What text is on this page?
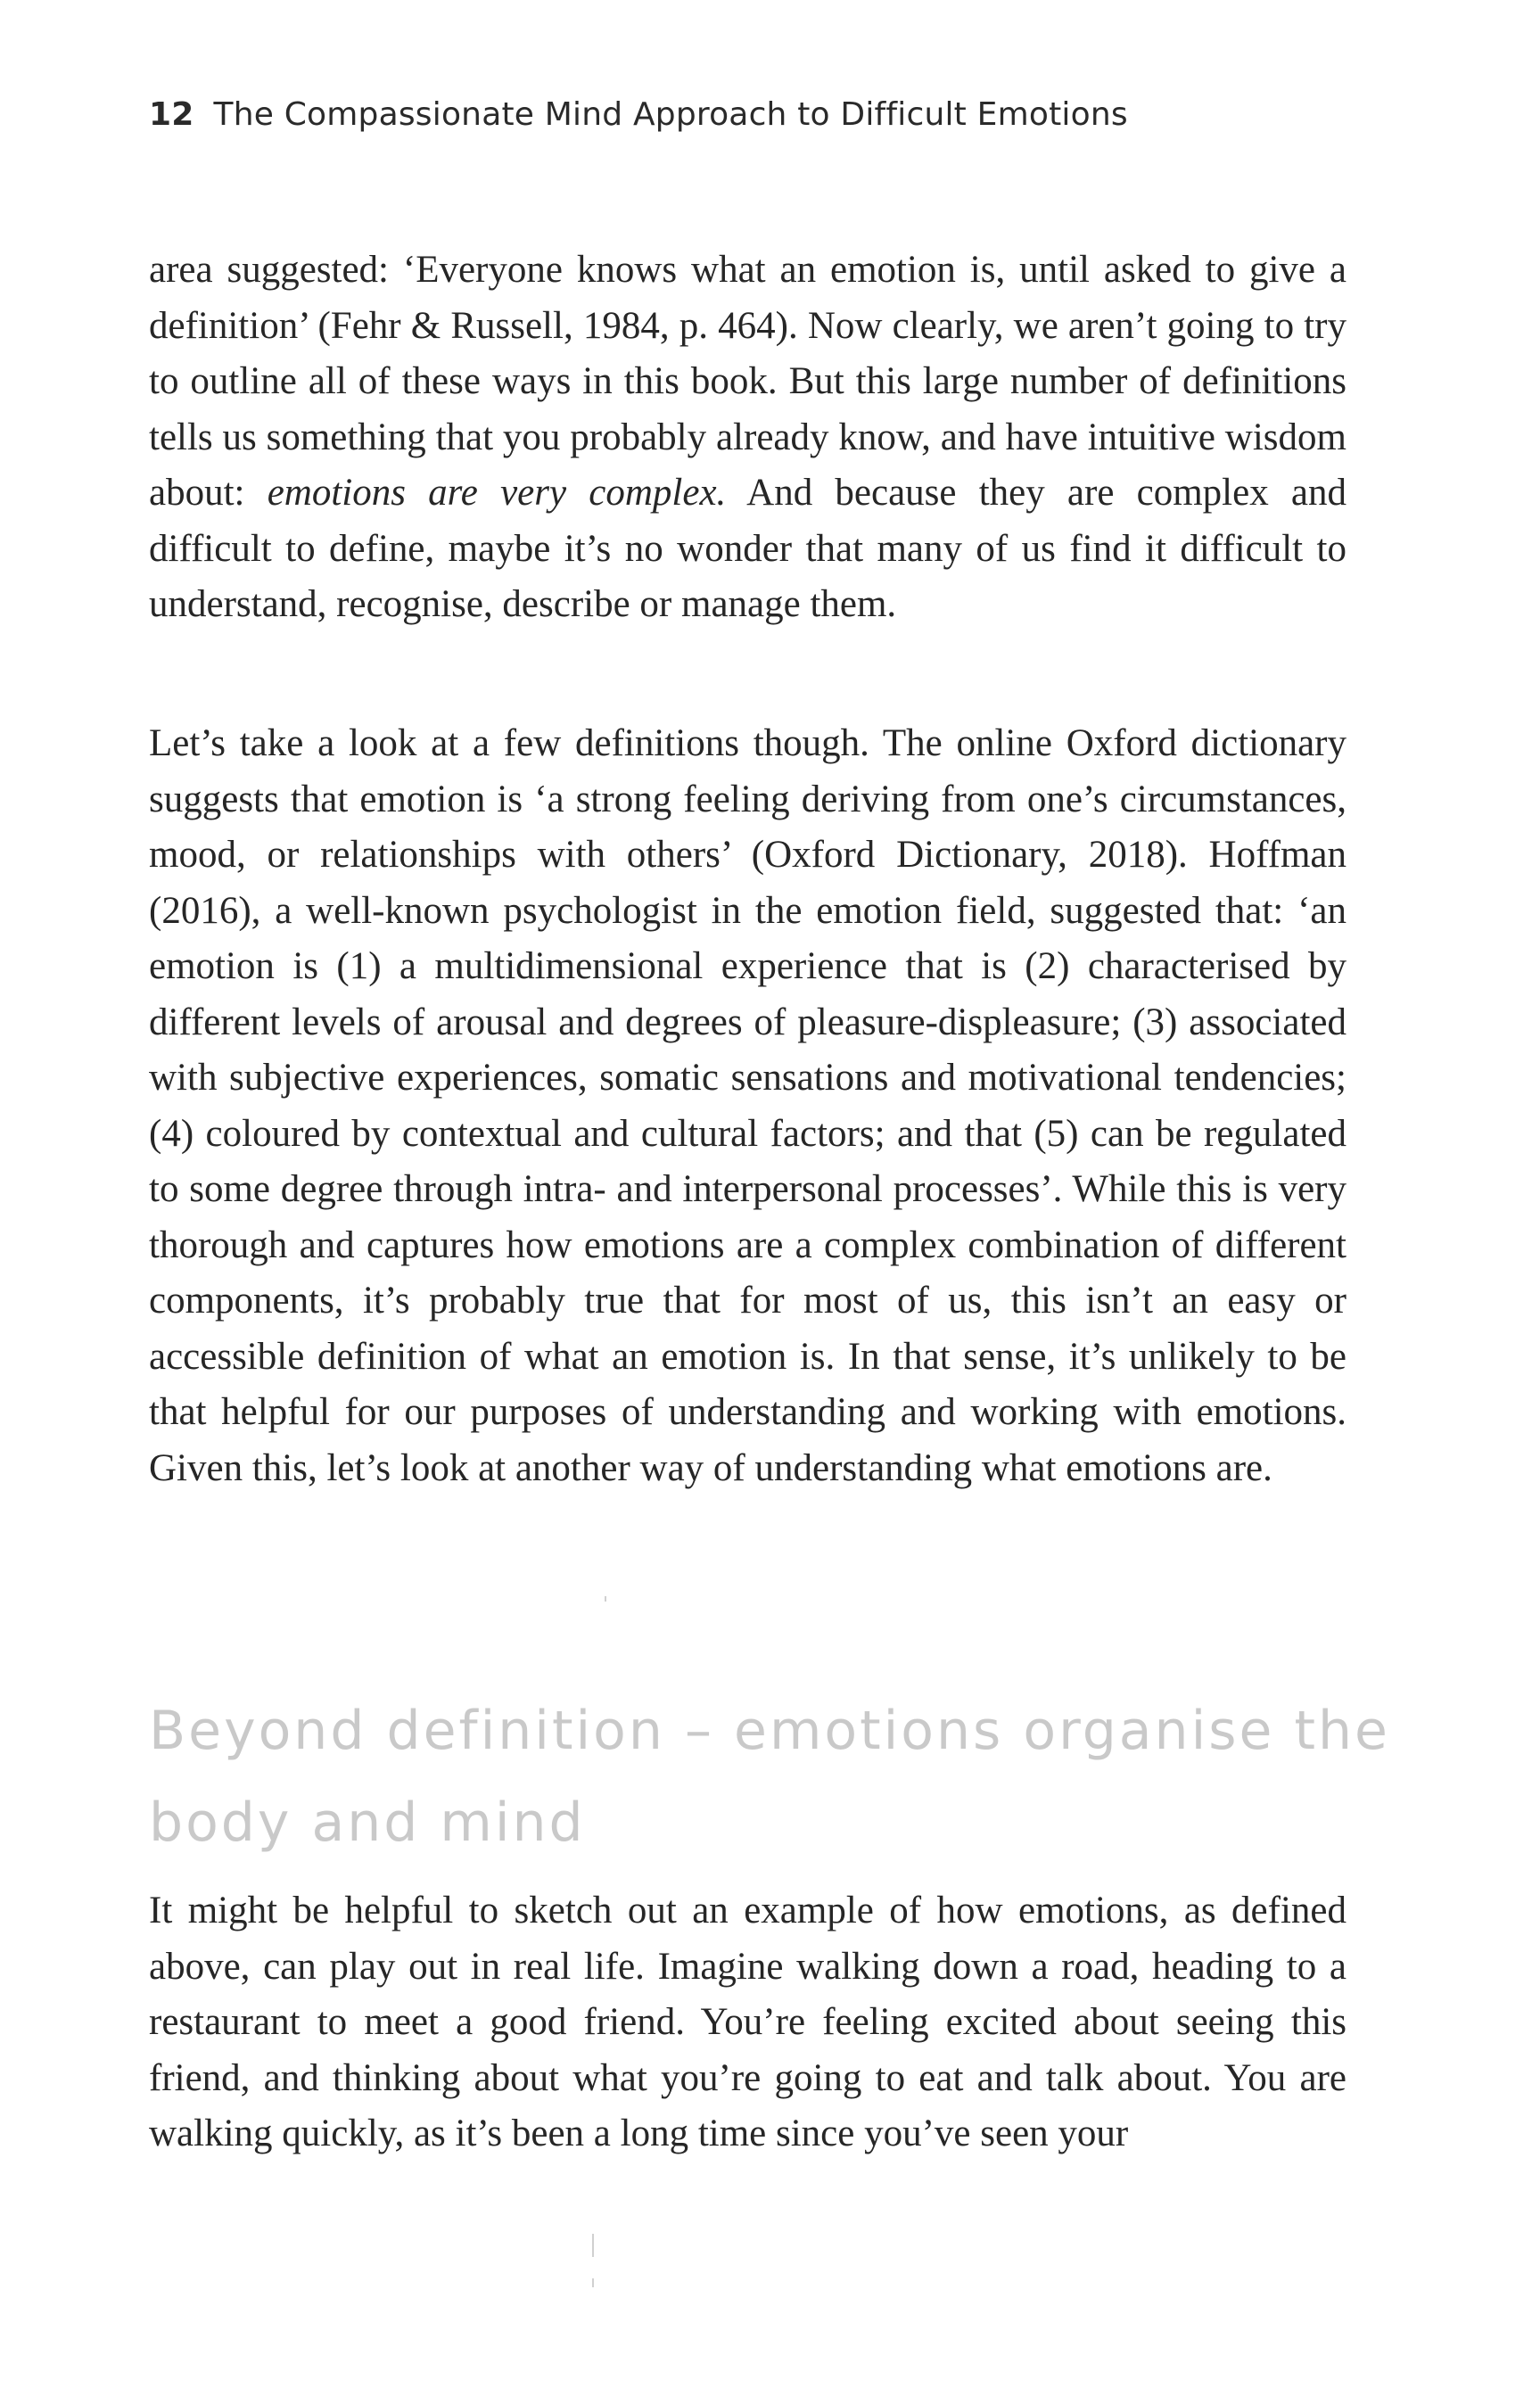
12 The Compassionate Mind Approach to Difficult Emotions

area suggested: ‘Everyone knows what an emotion is, until asked to give a definition’ (Fehr & Russell, 1984, p. 464). Now clearly, we aren’t going to try to outline all of these ways in this book. But this large number of definitions tells us something that you probably already know, and have intuitive wisdom about: emotions are very complex. And because they are complex and difficult to define, maybe it’s no wonder that many of us find it difficult to understand, recognise, describe or manage them.

Let’s take a look at a few definitions though. The online Oxford dictionary suggests that emotion is ‘a strong feeling deriving from one’s circumstances, mood, or relationships with others’ (Oxford Dictionary, 2018). Hoffman (2016), a well-known psychologist in the emotion field, suggested that: ‘an emotion is (1) a multidimensional experience that is (2) characterised by different levels of arousal and degrees of pleasure-displeasure; (3) associated with subjective experiences, somatic sensations and motivational tendencies; (4) coloured by contextual and cultural factors; and that (5) can be regulated to some degree through intra- and interpersonal processes’. While this is very thorough and captures how emotions are a complex combination of different components, it’s probably true that for most of us, this isn’t an easy or accessible definition of what an emotion is. In that sense, it’s unlikely to be that helpful for our purposes of understanding and working with emotions. Given this, let’s look at another way of understanding what emotions are.

Beyond definition – emotions organise the
body and mind

It might be helpful to sketch out an example of how emotions, as defined above, can play out in real life. Imagine walking down a road, heading to a restaurant to meet a good friend. You’re feeling excited about seeing this friend, and thinking about what you’re going to eat and talk about. You are walking quickly, as it’s been a long time since you’ve seen your
